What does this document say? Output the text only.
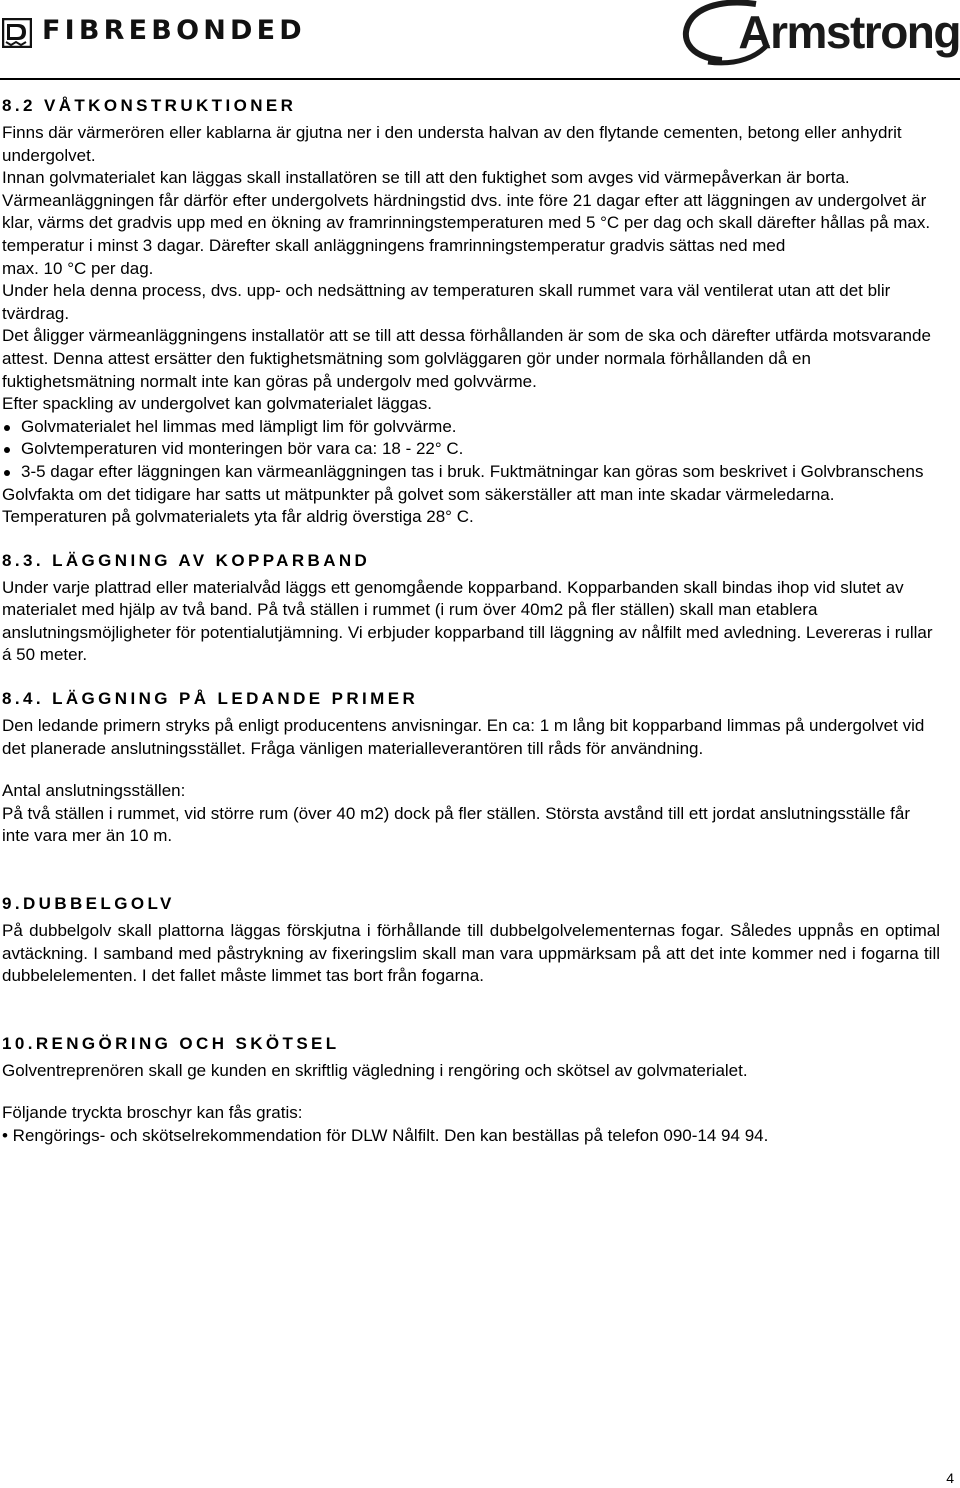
FIBREBONDED	Armstrong
8.2 VÅTKONSTRUKTIONER

Finns där värmerören eller kablarna är gjutna ner i den understa halvan av den flytande cementen, betong eller anhydrit undergolvet.

Innan golvmaterialet kan läggas skall installatören se till att den fuktighet som avges vid värmepåverkan är borta.

Värmeanläggningen får därför efter undergolvets härdningstid dvs. inte före 21 dagar efter att läggningen av undergolvet är klar, värms det gradvis upp med en ökning av framrinningstemperaturen med 5 °C per dag och skall därefter hållas på max. temperatur i minst 3 dagar. Därefter skall anläggningens framrinningstemperatur gradvis sättas ned med

max. 10 °C per dag.

Under hela denna process, dvs. upp- och nedsättning av temperaturen skall rummet vara väl ventilerat utan att det blir tvärdrag.

Det åligger värmeanläggningens installatör att se till att dessa förhållanden är som de ska och därefter utfärda motsvarande attest. Denna attest ersätter den fuktighetsmätning som golvläggaren gör under normala förhållanden då en fuktighetsmätning normalt inte kan göras på undergolv med golvvärme.

Efter spackling av undergolvet kan golvmaterialet läggas.

Golvmaterialet hel limmas med lämpligt lim för golvvärme.

Golvtemperaturen vid monteringen bör vara ca: 18 - 22° C.

3-5 dagar efter läggningen kan värmeanläggningen tas i bruk. Fuktmätningar kan göras som beskrivet i Golvbranschens Golvfakta om det tidigare har satts ut mätpunkter på golvet som säkerställer att man inte skadar värmeledarna.

Temperaturen på golvmaterialets yta får aldrig överstiga 28° C.

8.3. LÄGGNING AV KOPPARBAND

Under varje plattrad eller materialvåd läggs ett genomgående kopparband. Kopparbanden skall bindas ihop vid slutet av materialet med hjälp av två band. På två ställen i rummet (i rum över 40m2 på fler ställen) skall man etablera anslutningsmöjligheter för potentialutjämning. Vi erbjuder kopparband till läggning av nålfilt med avledning. Levereras i rullar á 50 meter.

8.4. LÄGGNING PÅ LEDANDE PRIMER

Den ledande primern stryks på enligt producentens anvisningar. En ca: 1 m lång bit kopparband limmas på undergolvet vid det planerade anslutningsstället. Fråga vänligen materialleverantören till råds för användning.

Antal anslutningsställen:

På två ställen i rummet, vid större rum (över 40 m2) dock på fler ställen. Största avstånd till ett jordat anslutningsställe får inte vara mer än 10 m.

9.DUBBELGOLV

På dubbelgolv skall plattorna läggas förskjutna i förhållande till dubbelgolvelementernas fogar. Således uppnås en optimal avtäckning. I samband med påstrykning av fixeringslim skall man vara uppmärksam på att det inte kommer ned i fogarna till dubbelelementen. I det fallet måste limmet tas bort från fogarna.

10.RENGÖRING OCH SKÖTSEL

Golventreprenören skall ge kunden en skriftlig vägledning i rengöring och skötsel av golvmaterialet.

Följande tryckta broschyr kan fås gratis:

• Rengörings- och skötselrekommendation för DLW Nålfilt. Den kan beställas på telefon 090-14 94 94.

4
